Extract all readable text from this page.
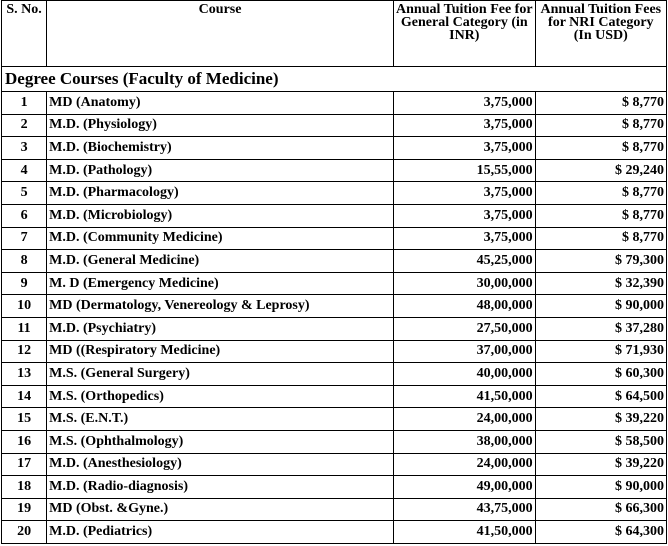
S. No.	Course	Annual Tuition Fee for General Category (in INR)	Annual Tuition Fees for NRI Category (In USD)
Degree Courses (Faculty of Medicine)			
1	MD (Anatomy)	3,75,000	$ 8,770
2	M.D. (Physiology)	3,75,000	$ 8,770
3	M.D. (Biochemistry)	3,75,000	$ 8,770
4	M.D. (Pathology)	15,55,000	$ 29,240
5	M.D. (Pharmacology)	3,75,000	$ 8,770
6	M.D. (Microbiology)	3,75,000	$ 8,770
7	M.D. (Community Medicine)	3,75,000	$ 8,770
8	M.D. (General Medicine)	45,25,000	$ 79,300
9	M. D (Emergency Medicine)	30,00,000	$ 32,390
10	MD (Dermatology, Venereology & Leprosy)	48,00,000	$ 90,000
11	M.D. (Psychiatry)	27,50,000	$ 37,280
12	MD ((Respiratory Medicine)	37,00,000	$ 71,930
13	M.S. (General Surgery)	40,00,000	$ 60,300
14	M.S. (Orthopedics)	41,50,000	$ 64,500
15	M.S. (E.N.T.)	24,00,000	$ 39,220
16	M.S. (Ophthalmology)	38,00,000	$ 58,500
17	M.D. (Anesthesiology)	24,00,000	$ 39,220
18	M.D. (Radio-diagnosis)	49,00,000	$ 90,000
19	MD (Obst. &Gyne.)	43,75,000	$ 66,300
20	M.D. (Pediatrics)	41,50,000	$ 64,300
